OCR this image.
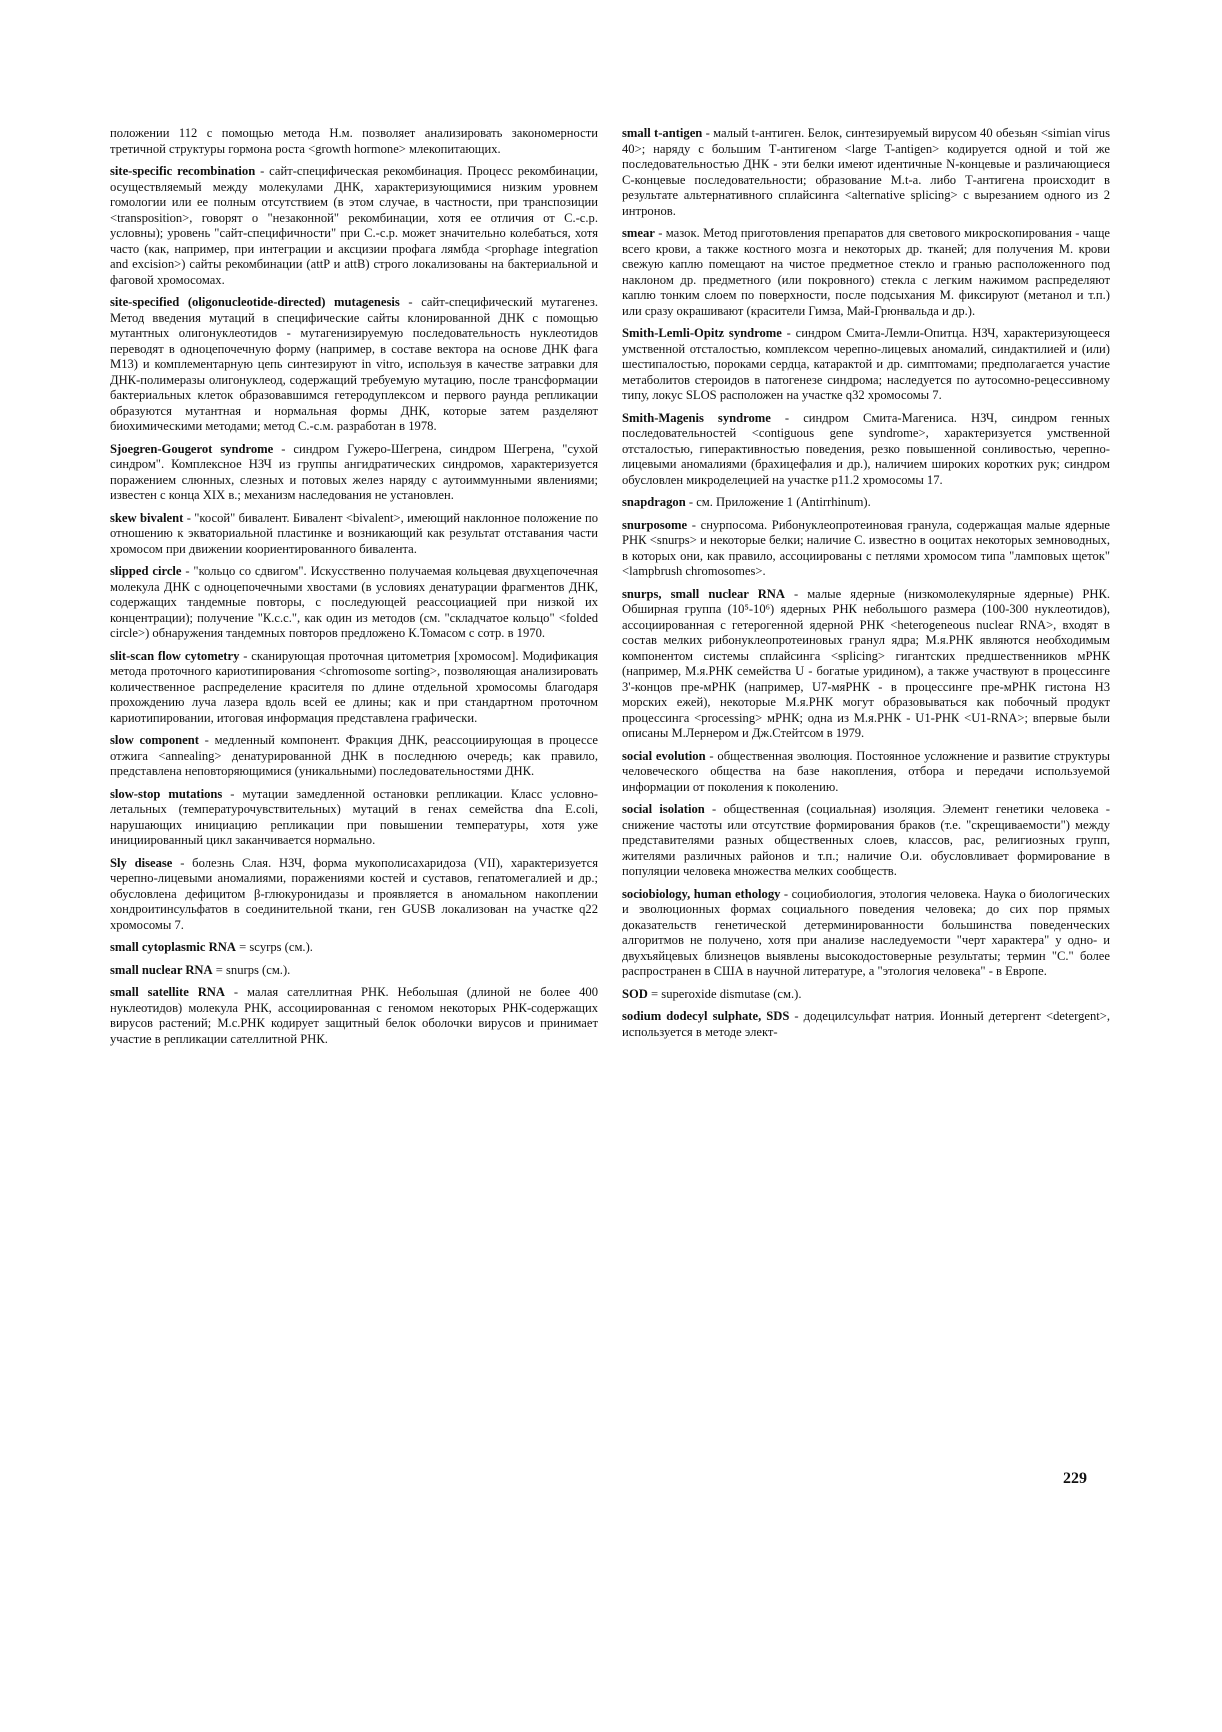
положении 112 с помощью метода H.м. позволяет анализировать закономерности третичной структуры гормона роста <growth hormone> млекопитающих.

site-specific recombination - сайт-специфическая рекомбинация. Процесс рекомбинации, осуществляемый между молекулами ДНК, характеризующимися низким уровнем гомологии или ее полным отсутствием (в этом случае, в частности, при транспозиции <transposition>, говорят о "незаконной" рекомбинации, хотя ее отличия от С.-с.р. условны); уровень "сайт-специфичности" при С.-с.р. может значительно колебаться, хотя часто (как, например, при интеграции и аксцизии профага лямбда <prophage integration and excision>) сайты рекомбинации (attP и attB) строго локализованы на бактериальной и фаговой хромосомах.

site-specified (oligonucleotide-directed) mutagenesis - сайт-специфический мутагенез. Метод введения мутаций в специфические сайты клонированной ДНК с помощью мутантных олигонуклеотидов - мутагенизируемую последовательность нуклеотидов переводят в одноцепочечную форму (например, в составе вектора на основе ДНК фага M13) и комплементарную цепь синтезируют in vitro, используя в качестве затравки для ДНК-полимеразы олигонуклеод, содержащий требуемую мутацию, после трансформации бактериальных клеток образовавшимся гетеродуплексом и первого раунда репликации образуются мутантная и нормальная формы ДНК, которые затем разделяют биохимическими методами; метод С.-с.м. разработан в 1978.

Sjoegren-Gougerot syndrome - синдром Гужеро-Шегрена, синдром Шегрена, "сухой синдром". Комплексное НЗЧ из группы ангидратических синдромов, характеризуется поражением слюнных, слезных и потовых желез наряду с аутоиммунными явлениями; известен с конца XIX в.; механизм наследования не установлен.

skew bivalent - "косой" бивалент. Бивалент <bivalent>, имеющий наклонное положение по отношению к экваториальной пластинке и возникающий как результат отставания части хромосом при движении коориентированного бивалента.

slipped circle - "кольцо со сдвигом". Искусственно получаемая кольцевая двухцепочечная молекула ДНК с одноцепочечными хвостами (в условиях денатурации фрагментов ДНК, содержащих тандемные повторы, с последующей реассоциацией при низкой их концентрации); получение "К.с.с.", как один из методов (см. "складчатое кольцо" <folded circle>) обнаружения тандемных повторов предложено К.Томасом с сотр. в 1970.

slit-scan flow cytometry - сканирующая проточная цитометрия [хромосом]. Модификация метода проточного кариотипирования <chromosome sorting>, позволяющая анализировать количественное распределение красителя по длине отдельной хромосомы благодаря прохождению луча лазера вдоль всей ее длины; как и при стандартном проточном кариотипировании, итоговая информация представлена графически.

slow component - медленный компонент. Фракция ДНК, реассоциирующая в процессе отжига <annealing> денатурированной ДНК в последнюю очередь; как правило, представлена неповторяющимися (уникальными) последовательностями ДНК.

slow-stop mutations - мутации замедленной остановки репликации. Класс условно-летальных (температурочувствительных) мутаций в генах семейства dna E.coli, нарушающих инициацию репликации при повышении температуры, хотя уже инициированный цикл заканчивается нормально.

Sly disease - болезнь Слая. НЗЧ, форма мукополисахаридоза (VII), характеризуется черепно-лицевыми аномалиями, поражениями костей и суставов, гепатомегалией и др.; обусловлена дефицитом β-глюкуронидазы и проявляется в аномальном накоплении хондроитинсульфатов в соединительной ткани, ген GUSB локализован на участке q22 хромосомы 7.

small cytoplasmic RNA = scyrps (см.).

small nuclear RNA = snurps (см.).

small satellite RNA - малая сателлитная РНК. Небольшая (длиной не более 400 нуклеотидов) молекула РНК, ассоциированная с геномом некоторых РНК-содержащих вирусов растений; М.с.РНК кодирует защитный белок оболочки вирусов и принимает участие в репликации сателлитной РНК.

small t-antigen - малый t-антиген. Белок, синтезируемый вирусом 40 обезьян <simian virus 40>; наряду с большим Т-антигеном <large T-antigen> кодируется одной и той же последовательностью ДНК - эти белки имеют идентичные N-концевые и различающиеся С-концевые последовательности; образование М.t-a. либо Т-антигена происходит в результате альтернативного сплайсинга <alternative splicing> с вырезанием одного из 2 интронов.

smear - мазок. Метод приготовления препаратов для светового микроскопирования - чаще всего крови, а также костного мозга и некоторых др. тканей; для получения М. крови свежую каплю помещают на чистое предметное стекло и гранью расположенного под наклоном др. предметного (или покровного) стекла с легким нажимом распределяют каплю тонким слоем по поверхности, после подсыхания М. фиксируют (метанол и т.п.) или сразу окрашивают (красители Гимза, Май-Грюнвальда и др.).

Smith-Lemli-Opitz syndrome - синдром Смита-Лемли-Опитца. НЗЧ, характеризующееся умственной отсталостью, комплексом черепно-лицевых аномалий, синдактилией и (или) шестипалостью, пороками сердца, катарактой и др. симптомами; предполагается участие метаболитов стероидов в патогенезе синдрома; наследуется по аутосомно-рецессивному типу, локус SLOS расположен на участке q32 хромосомы 7.

Smith-Magenis syndrome - синдром Смита-Магениса. НЗЧ, синдром генных последовательностей <contiguous gene syndrome>, характеризуется умственной отсталостью, гиперактивностью поведения, резко повышенной сонливостью, черепно-лицевыми аномалиями (брахицефалия и др.), наличием широких коротких рук; синдром обусловлен микроделецией на участке p11.2 хромосомы 17.

snapdragon - см. Приложение 1 (Antirrhinum).

snurposome - снурпосома. Рибонуклеопротеиновая гранула, содержащая малые ядерные РНК <snurps> и некоторые белки; наличие С. известно в ооцитах некоторых земноводных, в которых они, как правило, ассоциированы с петлями хромосом типа "ламповых щеток" <lampbrush chromosomes>.

snurps, small nuclear RNA - малые ядерные (низкомолекулярные ядерные) РНК. Обширная группа (10⁵-10⁶) ядерных РНК небольшого размера (100-300 нуклеотидов), ассоциированная с гетерогенной ядерной РНК <heterogeneous nuclear RNA>, входят в состав мелких рибонуклеопротеиновых гранул ядра; М.я.РНК являются необходимым компонентом системы сплайсинга <splicing> гигантских предшественников мРНК (например, М.я.РНК семейства U - богатые уридином), а также участвуют в процессинге 3'-концов пре-мРНК (например, U7-мяРНК - в процессинге пре-мРНК гистона Н3 морских ежей), некоторые М.я.РНК могут образовываться как побочный продукт процессинга <processing> мРНК; одна из М.я.РНК - U1-РНК <U1-RNA>; впервые были описаны М.Лернером и Дж.Стейтсом в 1979.

social evolution - общественная эволюция. Постоянное усложнение и развитие структуры человеческого общества на базе накопления, отбора и передачи используемой информации от поколения к поколению.

social isolation - общественная (социальная) изоляция. Элемент генетики человека - снижение частоты или отсутствие формирования браков (т.е. "скрещиваемости") между представителями разных общественных слоев, классов, рас, религиозных групп, жителями различных районов и т.п.; наличие О.и. обусловливает формирование в популяции человека множества мелких сообществ.

sociobiology, human ethology - социобиология, этология человека. Наука о биологических и эволюционных формах социального поведения человека; до сих пор прямых доказательств генетической детерминированности большинства поведенческих алгоритмов не получено, хотя при анализе наследуемости "черт характера" у одно- и двухъяйцевых близнецов выявлены высокодостоверные результаты; термин "С." более распространен в США в научной литературе, а "этология человека" - в Европе.

SOD = superoxide dismutase (см.).

sodium dodecyl sulphate, SDS - додецилсульфат натрия. Ионный детергент <detergent>, используется в методе элект-

229
